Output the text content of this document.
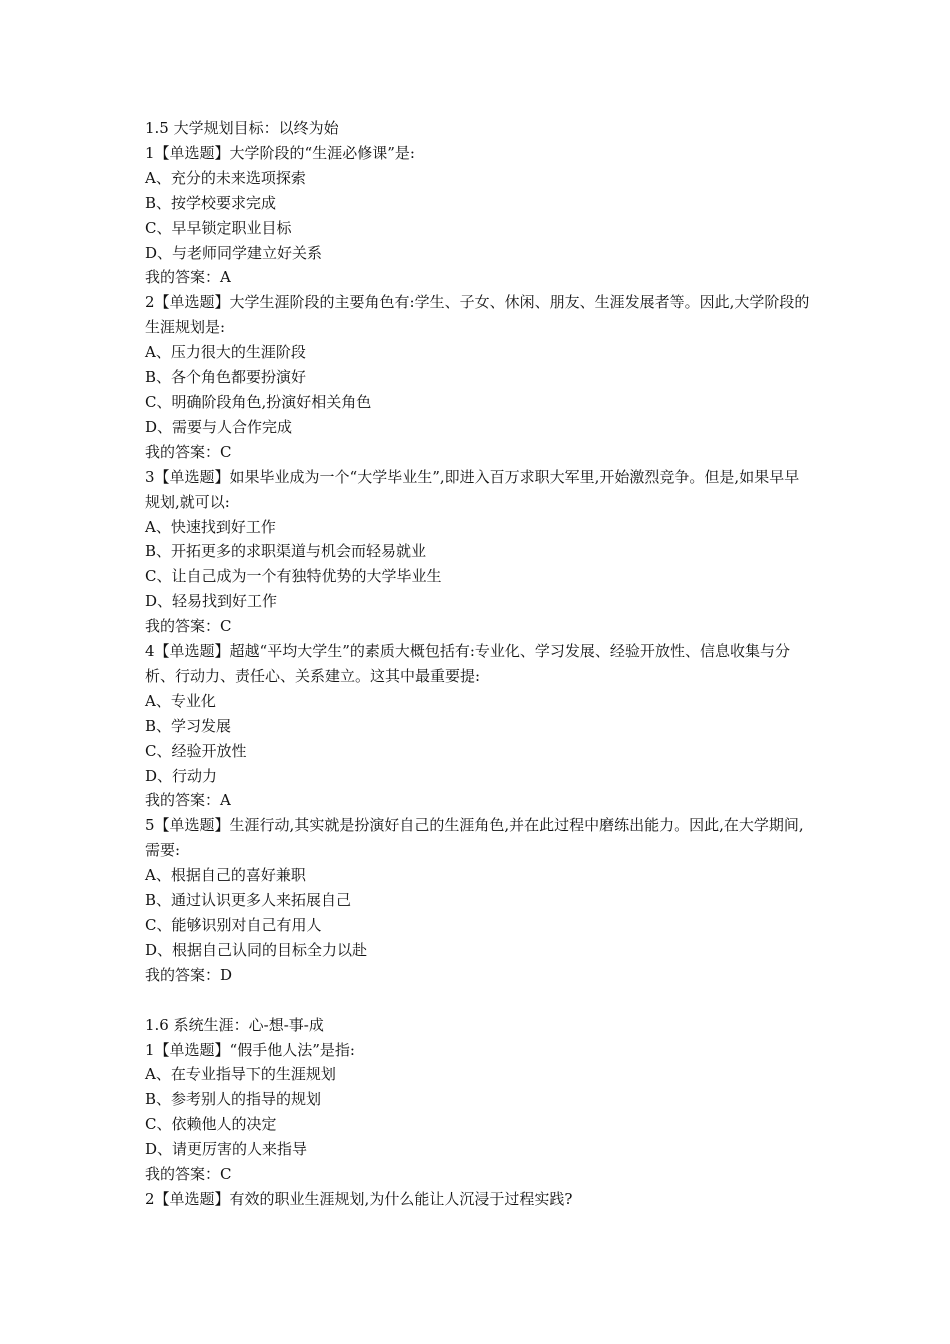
1.5 大学规划目标：以终为始
1【单选题】大学阶段的“生涯必修课”是:
A、充分的未来选项探索
B、按学校要求完成
C、早早锁定职业目标
D、与老师同学建立好关系
我的答案：A
2【单选题】大学生涯阶段的主要角色有:学生、子女、休闲、朋友、生涯发展者等。因此,大学阶段的生涯规划是:
A、压力很大的生涯阶段
B、各个角色都要扮演好
C、明确阶段角色,扮演好相关角色
D、需要与人合作完成
我的答案：C
3【单选题】如果毕业成为一个“大学毕业生”,即进入百万求职大军里,开始激烈竞争。但是,如果早早规划,就可以:
A、快速找到好工作
B、开拓更多的求职渠道与机会而轻易就业
C、让自己成为一个有独特优势的大学毕业生
D、轻易找到好工作
我的答案：C
4【单选题】超越“平均大学生”的素质大概包括有:专业化、学习发展、经验开放性、信息收集与分析、行动力、责任心、关系建立。这其中最重要提:
A、专业化
B、学习发展
C、经验开放性
D、行动力
我的答案：A
5【单选题】生涯行动,其实就是扮演好自己的生涯角色,并在此过程中磨练出能力。因此,在大学期间,需要:
A、根据自己的喜好兼职
B、通过认识更多人来拓展自己
C、能够识别对自己有用人
D、根据自己认同的目标全力以赴
我的答案：D
1.6 系统生涯：心-想-事-成
1【单选题】“假手他人法”是指:
A、在专业指导下的生涯规划
B、参考别人的指导的规划
C、依赖他人的决定
D、请更厉害的人来指导
我的答案：C
2【单选题】有效的职业生涯规划,为什么能让人沉浸于过程实践?
